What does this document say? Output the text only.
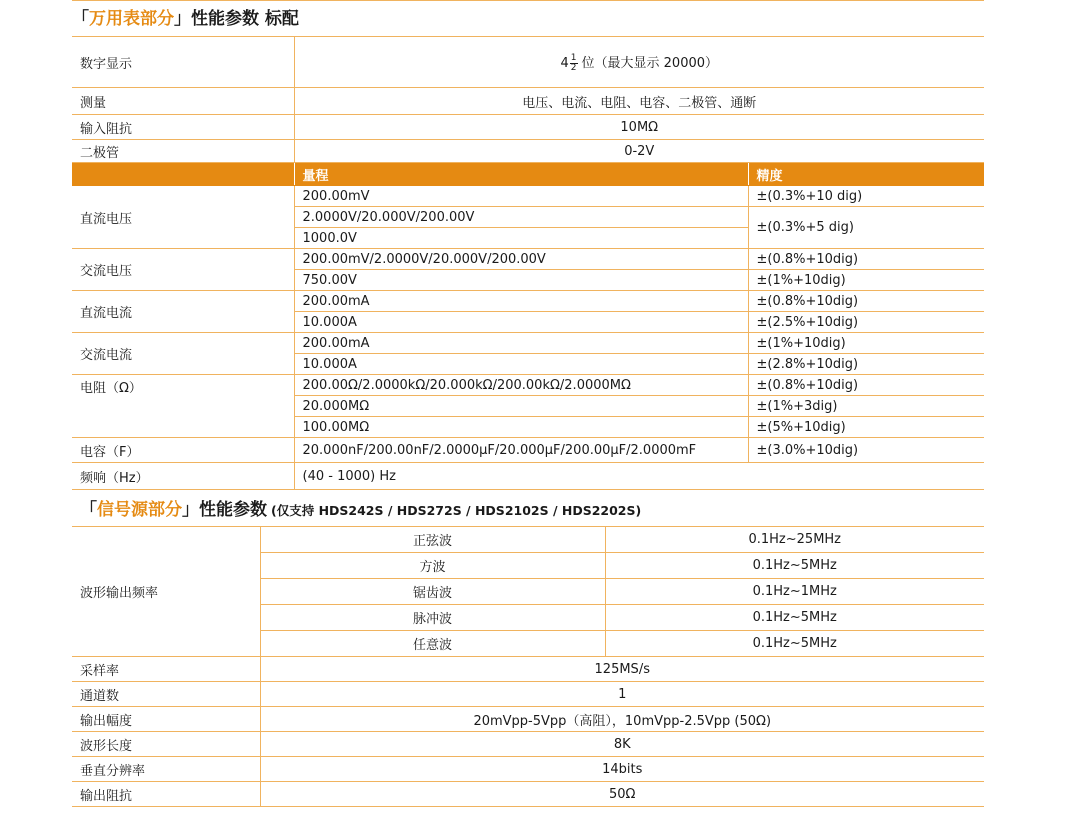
「万用表部分」性能参数 标配
数字显示	$4 \frac{1}{2}$ 位（最大显示 20000）	
测量	电压、电流、电阻、电容、二极管、通断	
输入阻抗	10MΩ	
二极管	0-2V	
	量程	精度
直流电压	200.00mV	±(0.3%+10 dig)
	2.0000V/20.000V/200.00V	±(0.3%+5 dig)
	1000.0V	
交流电压	200.00mV/2.0000V/20.000V/200.00V	±(0.8%+10dig)
	750.00V	±(1%+10dig)
直流电流	200.00mA	±(0.8%+10dig)
	10.000A	±(2.5%+10dig)
交流电流	200.00mA	±(1%+10dig)
	10.000A	±(2.8%+10dig)
电阻（Ω）	200.00Ω/2.0000kΩ/20.000kΩ/200.00kΩ/2.0000MΩ	±(0.8%+10dig)
	20.000MΩ	±(1%+3dig)
	100.00MΩ	±(5%+10dig)
电容（F）	20.000nF/200.00nF/2.0000μF/20.000μF/200.00μF/2.0000mF	±(3.0%+10dig)
频响（Hz）	(40 - 1000) Hz	
「信号源部分」性能参数 (仅支持 HDS242S / HDS272S / HDS2102S / HDS2202S)
波形输出频率	正弦波	0.1Hz~25MHz
	方波	0.1Hz~5MHz
	锯齿波	0.1Hz~1MHz
	脉冲波	0.1Hz~5MHz
	任意波	0.1Hz~5MHz
采样率	125MS/s	
通道数	1	
输出幅度	20mVpp-5Vpp（高阻），10mVpp-2.5Vpp (50Ω)	
波形长度	8K	
垂直分辨率	14bits	
输出阻抗	50Ω	
